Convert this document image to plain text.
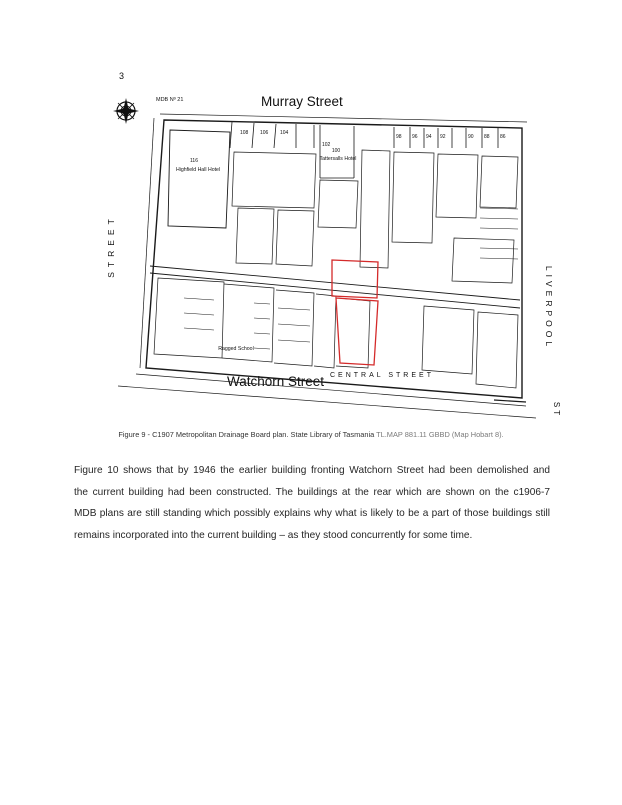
3
MDB Nº 21	Murray Street
Watchorn Street
STREET
LIVERPOOL
ST
CENTRAL STREET
116
Highfield Hall Hotel
100
Tattersalls Hotel
Ragged School
108 106 104
102
98 96 94 92	90 88 86
Figure 9 - C1907 Metropolitan Drainage Board plan. State Library of Tasmania TL.MAP 881.11 GBBD (Map Hobart 8).
Figure 10 shows that by 1946 the earlier building fronting Watchorn Street had been demolished and
the current building had been constructed. The buildings at the rear which are shown on the c1906-7
MDB plans are still standing which possibly explains why what is likely to be a part of those buildings still
remains incorporated into the current building – as they stood concurrently for some time.
